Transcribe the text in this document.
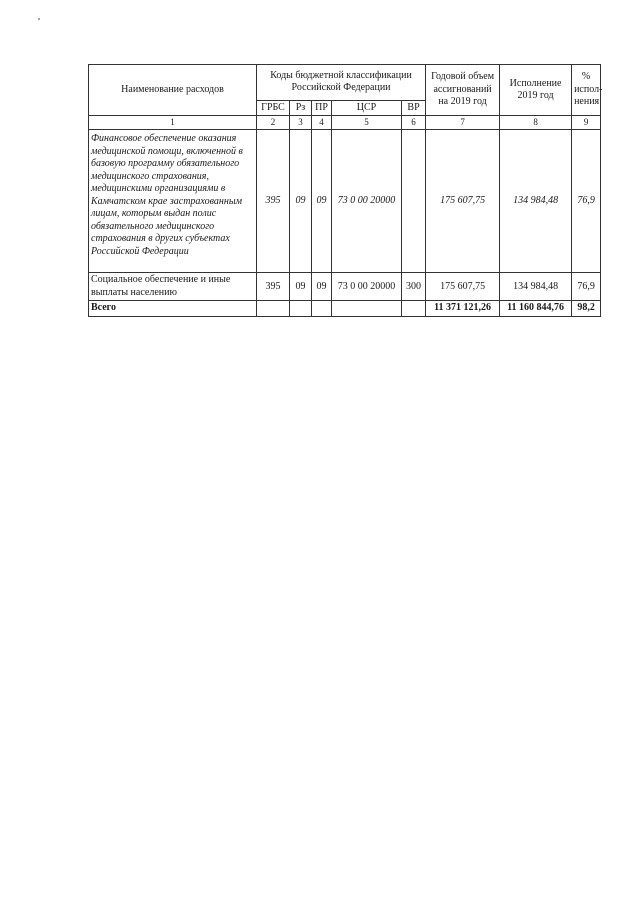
Наименование расходов	Коды бюджетной классификации Российской Федерации					Годовой объем ассигнований на 2019 год	Исполнение 2019 год	% испол-нения
	ГРБС	Рз	ПР	ЦСР	ВР			
1	2	3	4	5	6	7	8	9
Финансовое обеспечение оказания медицинской помощи, включенной в базовую программу обязательного медицинского страхования, медицинскими организациями в Камчатском крае застрахованным лицам, которым выдан полис обязательного медицинского страхования в других субъектах Российской Федерации	395	09	09	73 0 00 20000		175 607,75	134 984,48	76,9
Социальное обеспечение и иные выплаты населению	395	09	09	73 0 00 20000	300	175 607,75	134 984,48	76,9
Всего						11 371 121,26	11 160 844,76	98,2
